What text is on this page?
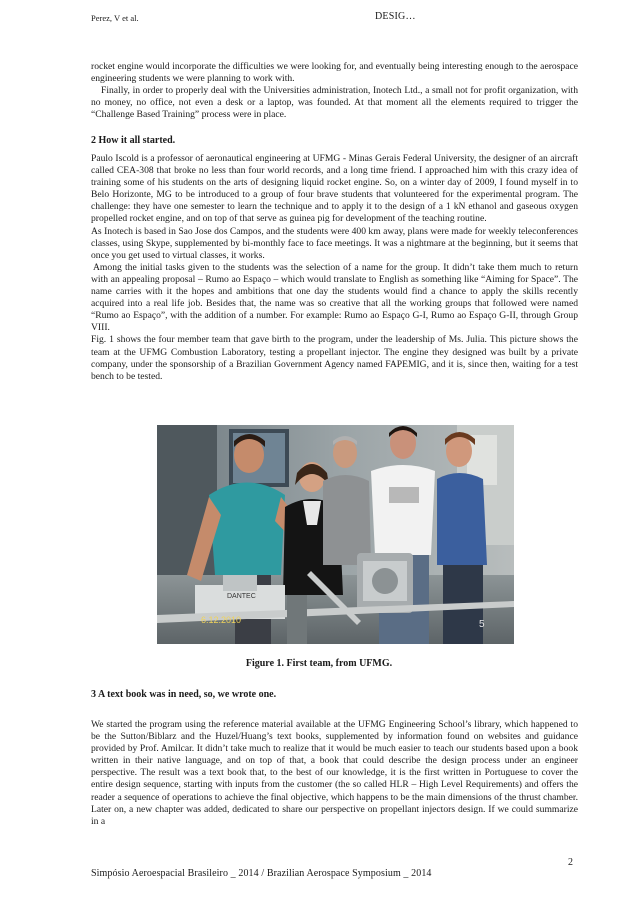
Perez, V et al.	DESIG…

rocket engine would incorporate the difficulties we were looking for, and eventually being interesting enough to the aerospace engineering students we were planning to work with.

Finally, in order to properly deal with the Universities administration, Inotech Ltd., a small not for profit organization, with no money, no office, not even a desk or a laptop, was founded. At that moment all the elements required to trigger the “Challenge Based Training” process were in place.

2 How it all started.

Paulo Iscold is a professor of aeronautical engineering at UFMG - Minas Gerais Federal University, the designer of an aircraft called CEA-308 that broke no less than four world records, and a long time friend. I approached him with this crazy idea of training some of his students on the arts of designing liquid rocket engine. So, on a winter day of 2009, I found myself in to Belo Horizonte, MG to be introduced to a group of four brave students that volunteered for the experimental program. The challenge: they have one semester to learn the technique and to apply it to the design of a 1 kN ethanol and gaseous oxygen propelled rocket engine, and on top of that serve as guinea pig for development of the teaching routine.

As Inotech is based in Sao Jose dos Campos, and the students were 400 km away, plans were made for weekly teleconferences classes, using Skype, supplemented by bi-monthly face to face meetings. It was a nightmare at the beginning, but it seems that once you get used to virtual classes, it works.

Among the initial tasks given to the students was the selection of a name for the group. It didn’t take them much to return with an appealing proposal – Rumo ao Espaço – which would translate to English as something like “Aiming for Space”. The name carries with it the hopes and ambitions that one day the students would find a chance to apply the skills recently acquired into a real life job. Besides that, the name was so creative that all the working groups that followed were named “Rumo ao Espaço”, with the addition of a number. For example: Rumo ao Espaço G-I, Rumo ao Espaço G-II, through Group VIII.

Fig. 1 shows the four member team that gave birth to the program, under the leadership of Ms. Julia. This picture shows the team at the UFMG Combustion Laboratory, testing a propellant injector. The engine they designed was built by a private company, under the sponsorship of a Brazilian Government Agency named FAPEMIG, and it is, since then, waiting for a test bench to be tested.

DANTEC
6.12.2010	5
Figure 1. First team, from UFMG.
3 A text book was in need, so, we wrote one.

We started the program using the reference material available at the UFMG Engineering School’s library, which happened to be the Sutton/Biblarz and the Huzel/Huang’s text books, supplemented by information found on websites and guidance provided by Prof. Amilcar. It didn’t take much to realize that it would be much easier to teach our students based upon a book written in their native language, and on top of that, a book that could describe the design process under an engineer perspective. The result was a text book that, to the best of our knowledge, it is the first written in Portuguese to cover the entire design sequence, starting with inputs from the customer (the so called HLR – High Level Requirements) and offers the reader a sequence of operations to achieve the final objective, which happens to be the main dimensions of the thrust chamber. Later on, a new chapter was added, dedicated to share our perspective on propellant injectors design. If we could summarize in a

2
Simpósio Aeroespacial Brasileiro _ 2014 / Brazilian Aerospace Symposium _ 2014
